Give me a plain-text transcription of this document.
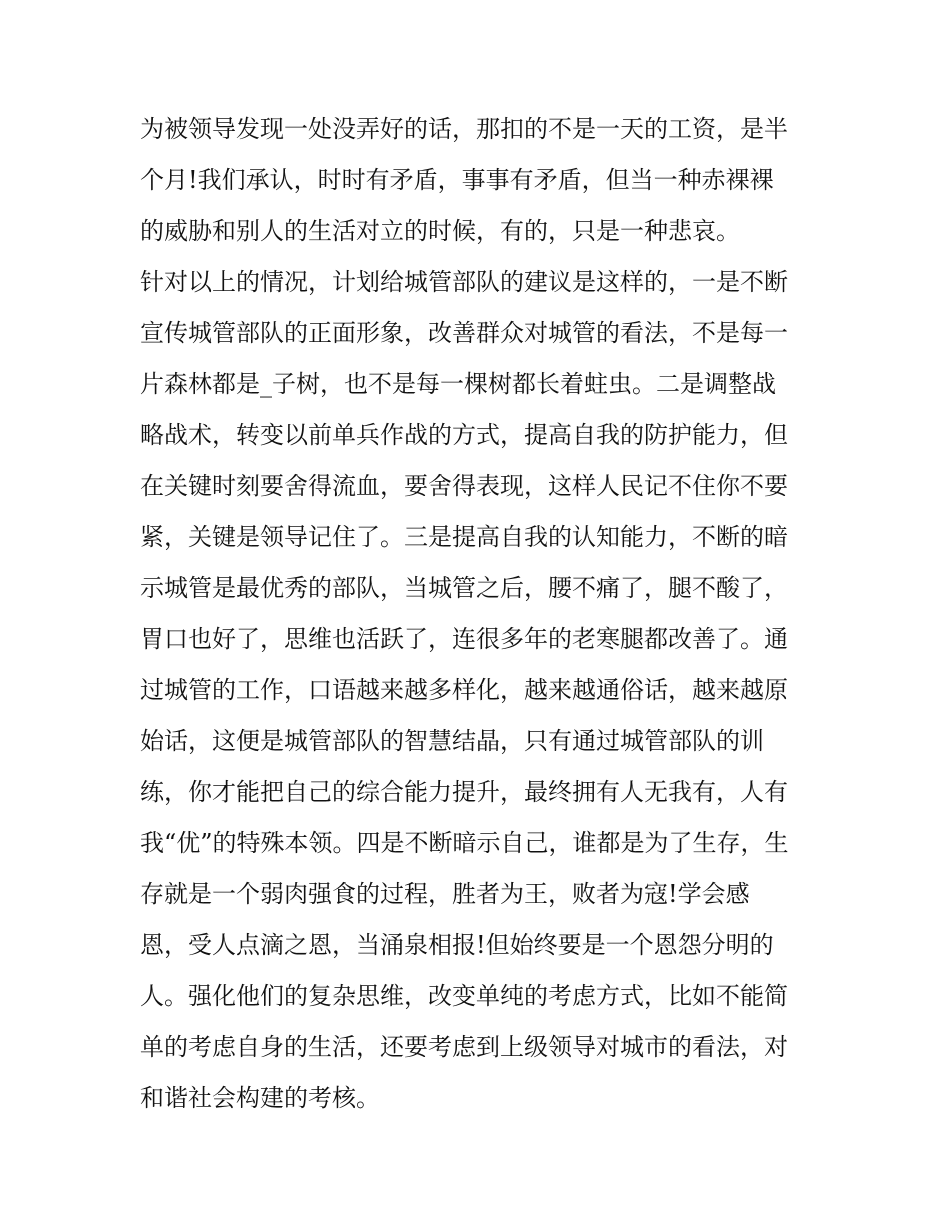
为被领导发现一处没弄好的话，那扣的不是一天的工资，是半
个月!我们承认，时时有矛盾，事事有矛盾，但当一种赤裸裸
的威胁和别人的生活对立的时候，有的，只是一种悲哀。
针对以上的情况，计划给城管部队的建议是这样的，一是不断
宣传城管部队的正面形象，改善群众对城管的看法，不是每一
片森林都是_子树，也不是每一棵树都长着蛀虫。二是调整战
略战术，转变以前单兵作战的方式，提高自我的防护能力，但
在关键时刻要舍得流血，要舍得表现，这样人民记不住你不要
紧，关键是领导记住了。三是提高自我的认知能力，不断的暗
示城管是最优秀的部队，当城管之后，腰不痛了，腿不酸了，
胃口也好了，思维也活跃了，连很多年的老寒腿都改善了。通
过城管的工作，口语越来越多样化，越来越通俗话，越来越原
始话，这便是城管部队的智慧结晶，只有通过城管部队的训
练，你才能把自己的综合能力提升，最终拥有人无我有，人有
我“优”的特殊本领。四是不断暗示自己，谁都是为了生存，生
存就是一个弱肉强食的过程，胜者为王，败者为寇!学会感
恩，受人点滴之恩，当涌泉相报!但始终要是一个恩怨分明的
人。强化他们的复杂思维，改变单纯的考虑方式，比如不能简
单的考虑自身的生活，还要考虑到上级领导对城市的看法，对
和谐社会构建的考核。
